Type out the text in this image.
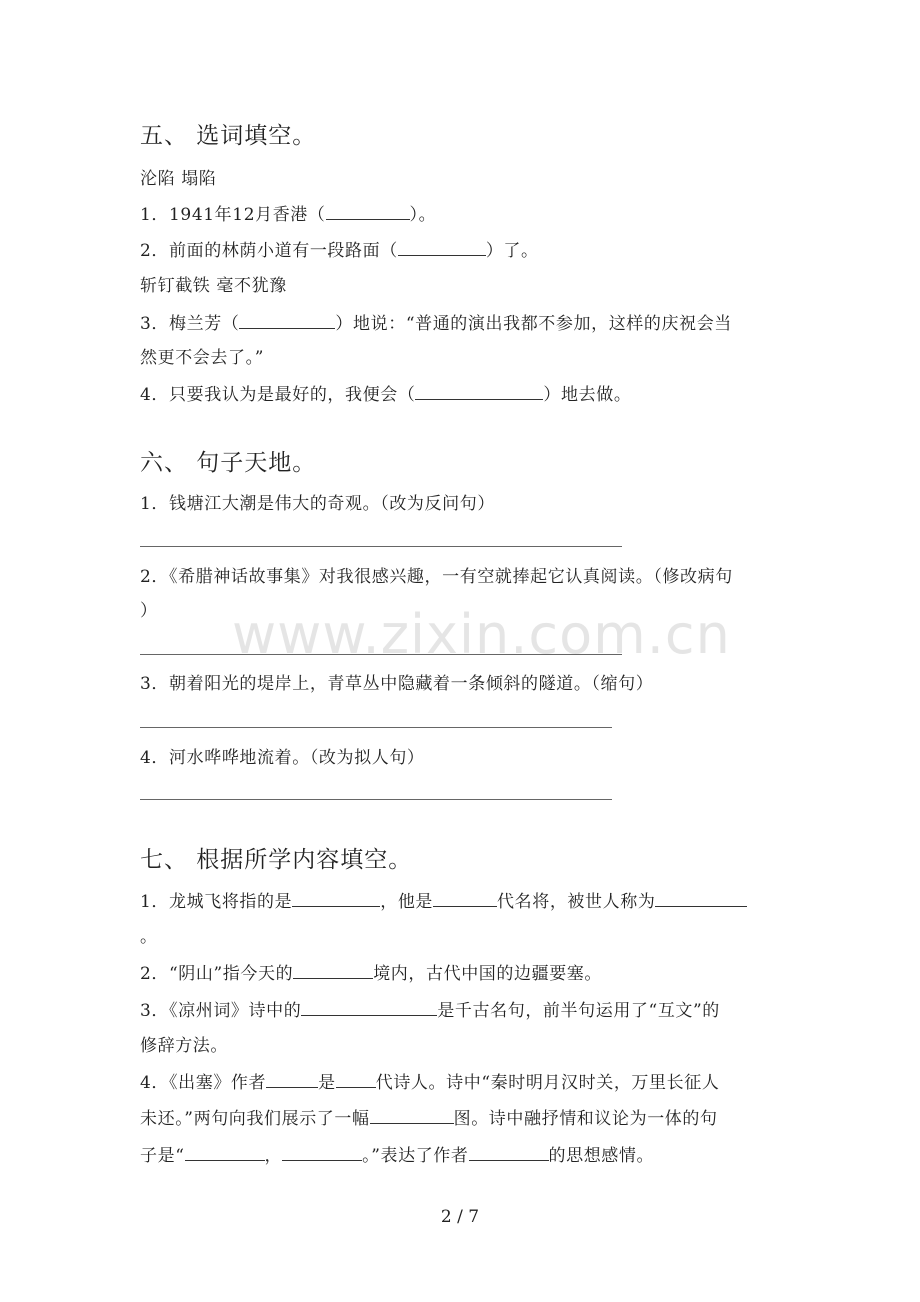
五、 选词填空。
沦陷 塌陷
1．1941年12月香港（	）。
2．前面的林荫小道有一段路面（	）了。
斩钉截铁 毫不犹豫
3．梅兰芳（	）地说：“普通的演出我都不参加，这样的庆祝会当
然更不会去了。”
4．只要我认为是最好的，我便会（	）地去做。
六、 句子天地。
1．钱塘江大潮是伟大的奇观。（改为反问句）
2．《希腊神话故事集》对我很感兴趣，一有空就捧起它认真阅读。（修改病句
）
3．朝着阳光的堤岸上，青草丛中隐藏着一条倾斜的隧道。（缩句）
4．河水哗哗地流着。（改为拟人句）
www.zixin.com.cn
七、 根据所学内容填空。
1．龙城飞将指的是	，他是	代名将，被世人称为
。
2．“阴山”指今天的	境内，古代中国的边疆要塞。
3．《凉州词》诗中的	是千古名句，前半句运用了“互文”的
修辞方法。
4．《出塞》作者	是 代诗人。诗中“秦时明月汉时关，万里长征人
未还。”两句向我们展示了一幅	图。诗中融抒情和议论为一体的句
子是“	，	。”表达了作者	的思想感情。
2 / 7
